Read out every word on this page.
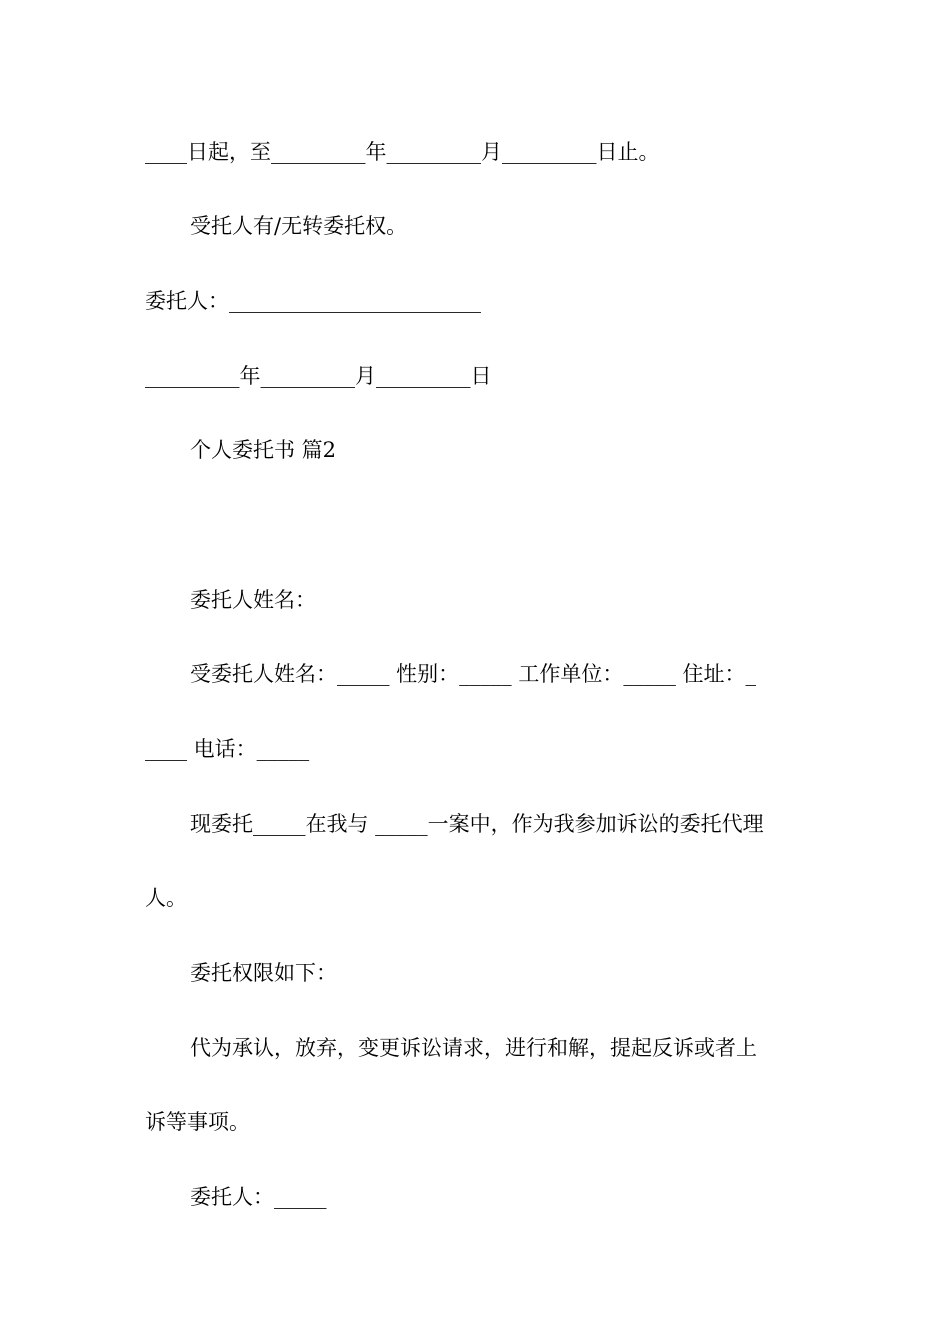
____日起，至_________年_________月_________日止。

受托人有/无转委托权。

委托人：________________________

_________年_________月_________日

个人委托书 篇2

委托人姓名：

受委托人姓名：_____ 性别：_____ 工作单位：_____ 住址：_

____ 电话：_____

现委托_____在我与 _____一案中，作为我参加诉讼的委托代理

人。

委托权限如下：

代为承认，放弃，变更诉讼请求，进行和解，提起反诉或者上

诉等事项。

委托人：_____
